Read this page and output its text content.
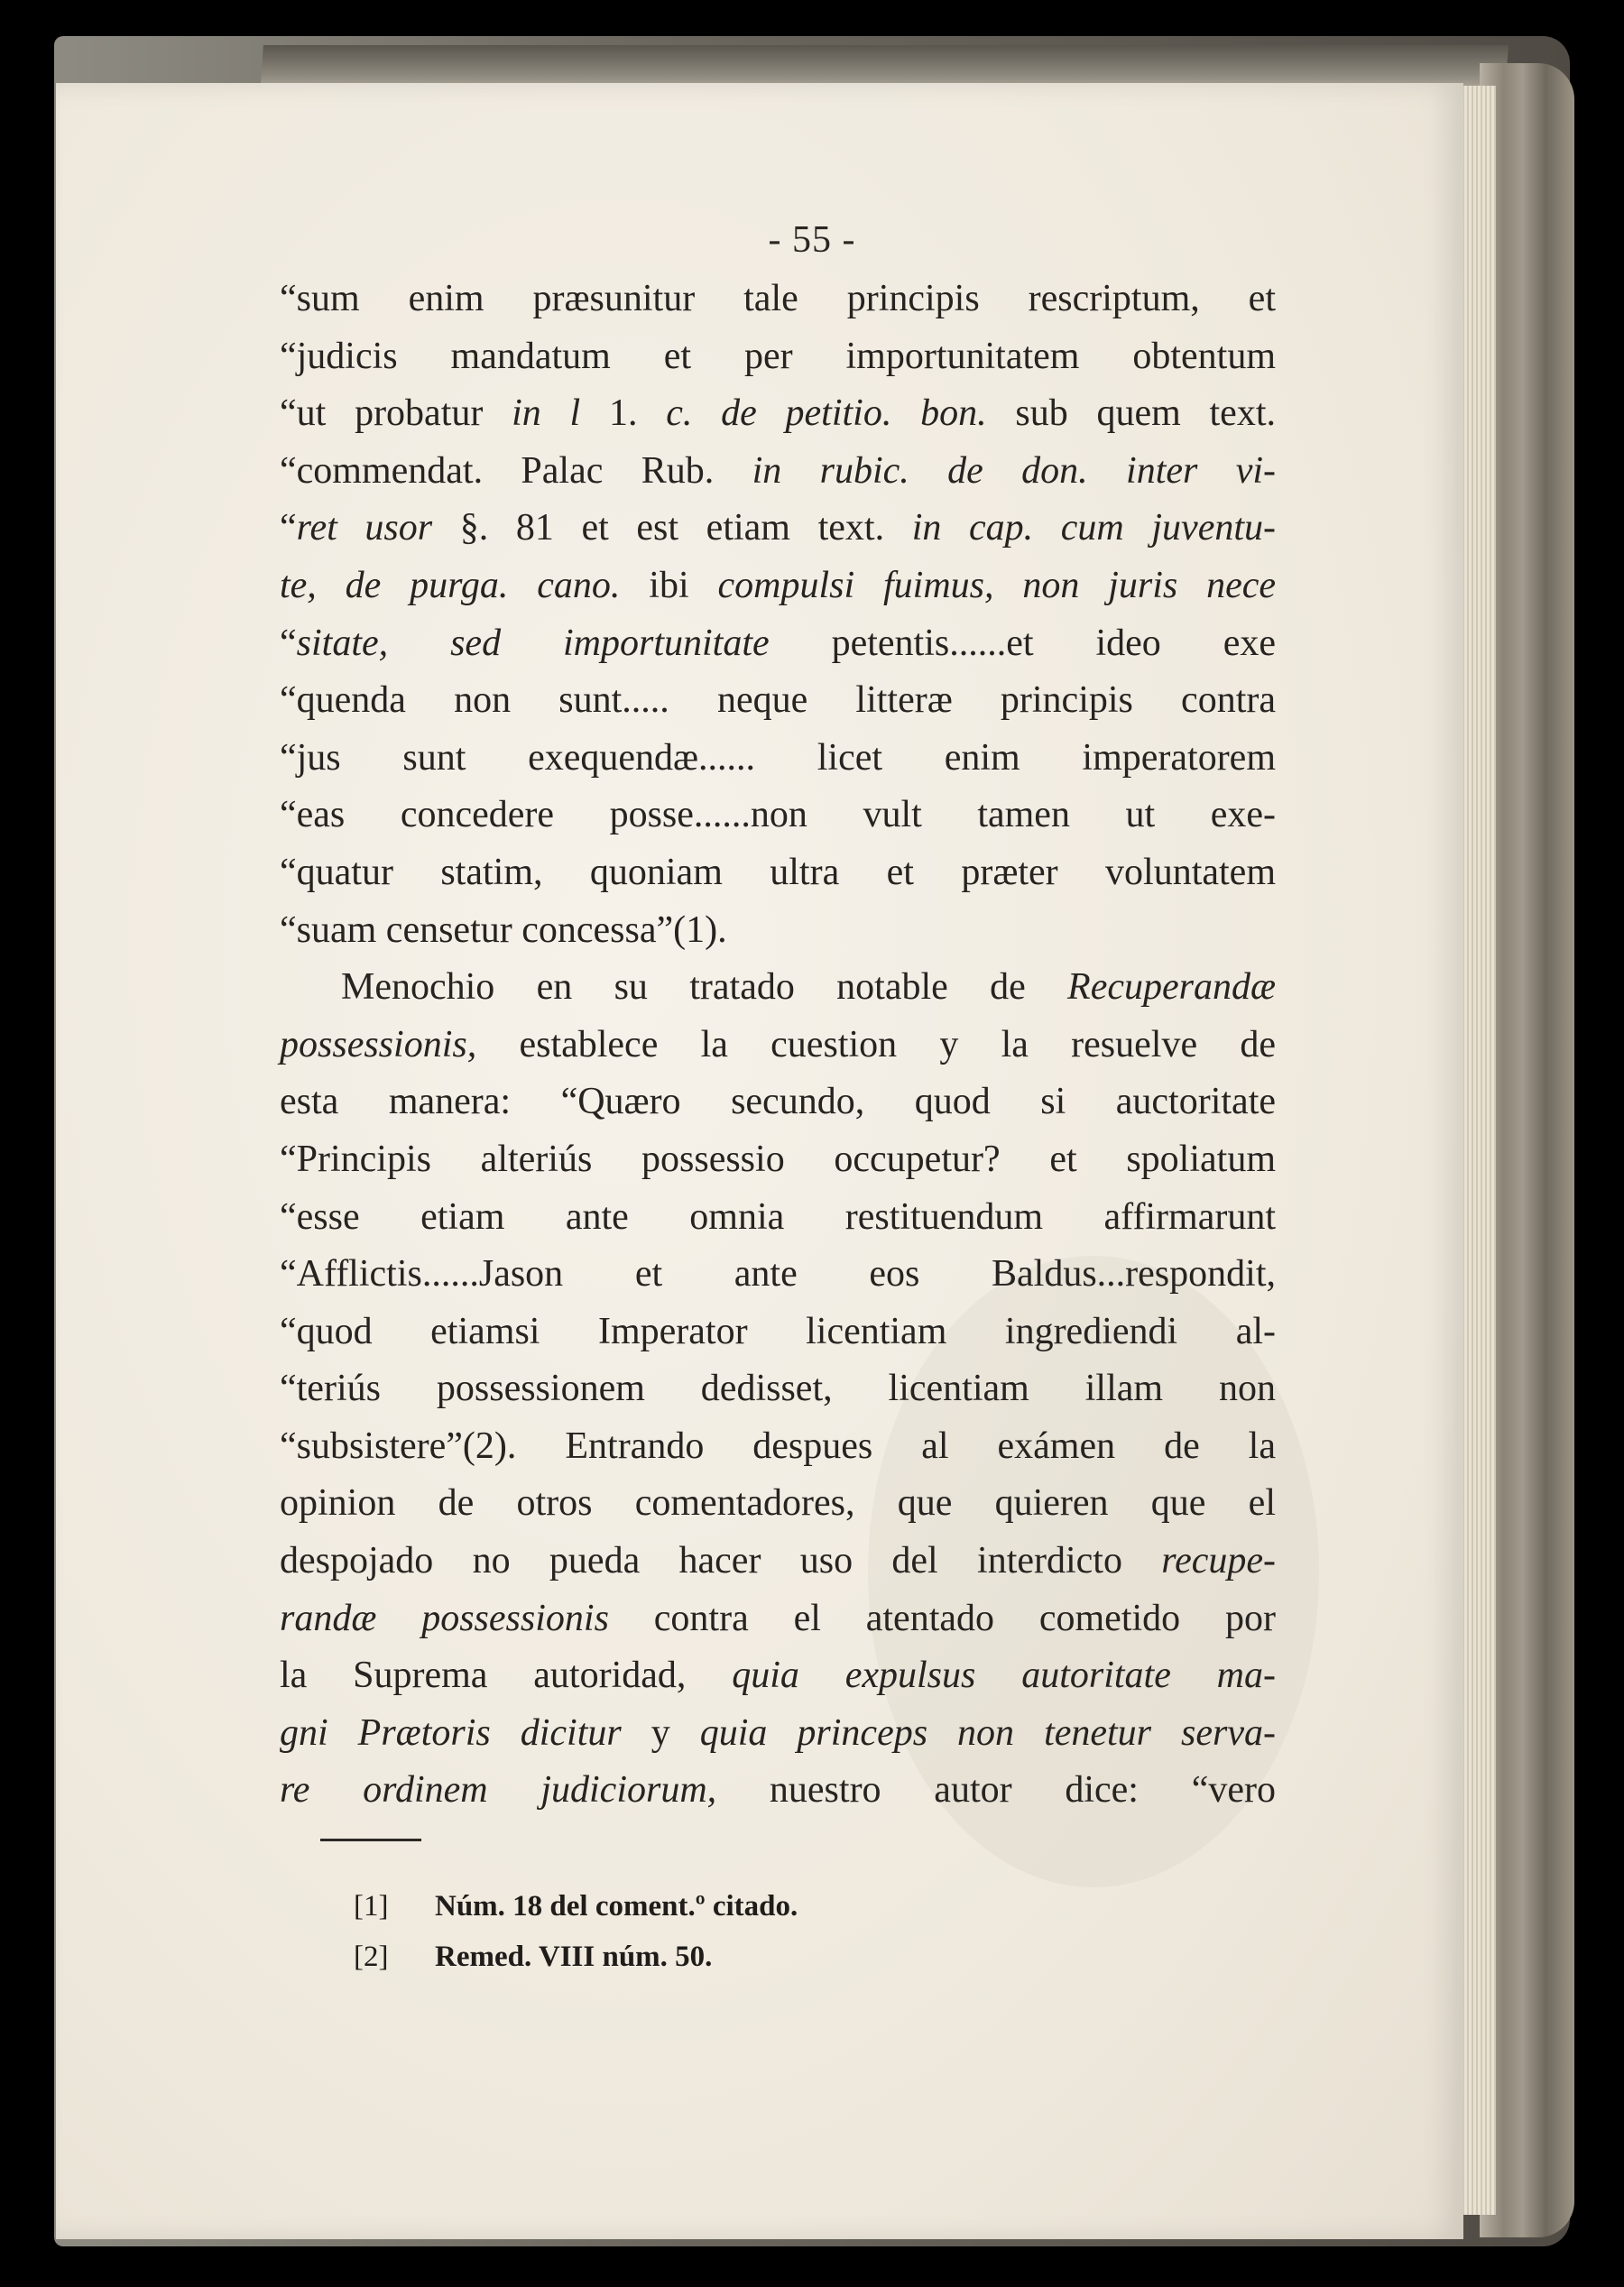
- 55 -
“sum enim præsunitur tale principis rescriptum, et
“judicis mandatum et per importunitatem obtentum
“ut probatur in l 1. c. de petitio. bon. sub quem text.
“commendat. Palac Rub. in rubic. de don. inter vi-
“ret usor §. 81 et est etiam text. in cap. cum juventu-
te, de purga. cano. ibi compulsi fuimus, non juris nece
“sitate, sed importunitate petentis......et ideo exe
“quenda non sunt..... neque litteræ principis contra
“jus sunt exequendæ...... licet enim imperatorem
“eas concedere posse......non vult tamen ut exe-
“quatur statim, quoniam ultra et præter voluntatem
“suam censetur concessa”(1).
Menochio en su tratado notable de Recuperandæ
possessionis, establece la cuestion y la resuelve de
esta manera: “Quæro secundo, quod si auctoritate
“Principis alteriús possessio occupetur? et spoliatum
“esse etiam ante omnia restituendum affirmarunt
“Afflictis......Jason et ante eos Baldus...respondit,
“quod etiamsi Imperator licentiam ingrediendi al-
“teriús possessionem dedisset, licentiam illam non
“subsistere”(2). Entrando despues al exámen de la
opinion de otros comentadores, que quieren que el
despojado no pueda hacer uso del interdicto recupe-
randæ possessionis contra el atentado cometido por
la Suprema autoridad, quia expulsus autoritate ma-
gni Prætoris dicitur y quia princeps non tenetur serva-
re ordinem judiciorum, nuestro autor dice: “vero
[1] Núm. 18 del coment.º citado.
[2] Remed. VIII núm. 50.
